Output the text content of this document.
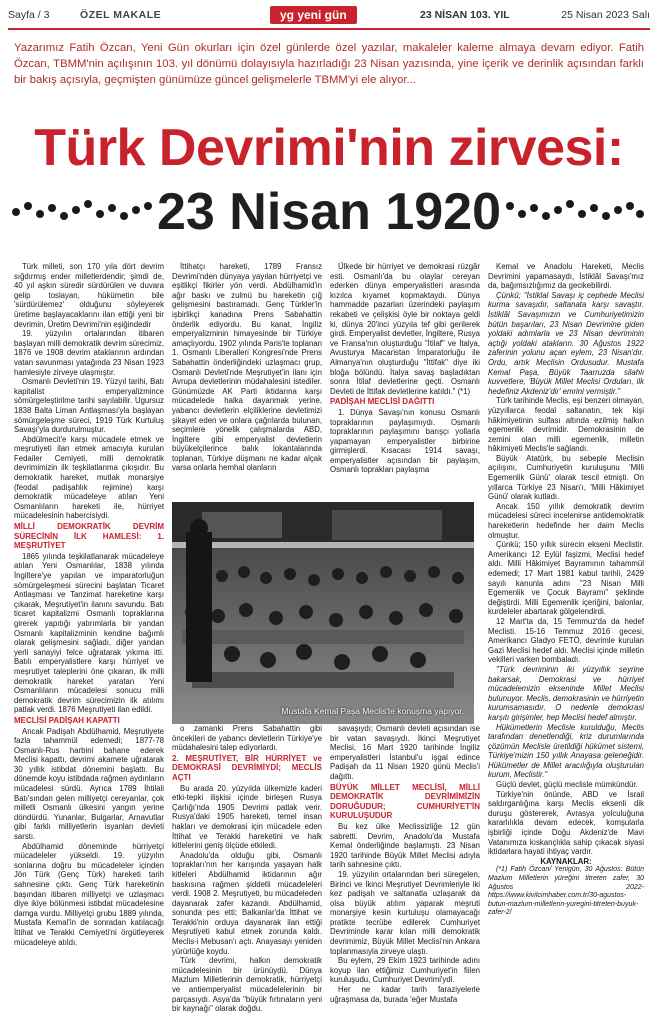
Sayfa / 3	ÖZEL MAKALE	yg yeni gün	23 NİSAN 103. YIL	25 Nisan 2023 Salı
Yazarımız Fatih Özcan, Yeni Gün okurları için özel günlerde özel yazılar, makaleler kaleme almaya devam ediyor. Fatih Özcan, TBMM'nin açılışının 103. yıl dönümü dolayısıyla hazırladığı 23 Nisan yazısında, yine içerik ve derinlik açısından farklı bir bakış açısıyla, geçmişten günümüze güncel gelişmelerle TBMM'yi ele alıyor...
Türk Devrimi'nin zirvesi:
23 Nisan 1920

Türk milleti, son 170 yıla dört devrim sığdırmış ender milletlerdendir; şimdi de, 40 yıl aşkın süredir sürdürülen ve duvara gelip toslayan, hükümetin bile 'sürdürülemez' olduğunu söyleyerek üretime başlayacaklarını ilan ettiği yeni bir devrimin, Üretim Devrimi'nin eşiğindedir

19. yüzyılın ortalarından itibaren başlayan milli demokratik devrim sürecimiz, 1876 ve 1908 devrim ataklarının ardından vatan savunması yatağında 23 Nisan 1923 hamlesiyle zirveye ulaşmıştır.

Osmanlı Devleti'nin 19. Yüzyıl tarihi, Batı kapitalist emperyalizmince sömürgeleştirilme tarihi sayılabilir. Ugursuz 1838 Balta Liman Antlaşması'yla başlayan sömürgeleşme süreci, 1919 Türk Kurtuluş Savaşı'yla durdurulmuştur.

Abdülmecit'e karşı mücadele etmek ve meşrutiyeti ilan etmek amacıyla kurulan Fedailer Cemiyeti, milli demokratik devrimimizin ilk teşkilatlanma çıkışıdır. Bu demokratik hareket, mutlak monarşiye (feodal padişahlık rejimine) karşı demokratik mücadeleye atılan Yeni Osmanlıların hareketi ile, hürriyet mücadelesinin habercisiydi.

MİLLİ DEMOKRATİK DEVRİM SÜRECİNİN İLK HAMLESİ: 1. MEŞRUTİYET

1865 yılında teşkilatlanarak mücadeleye atılan Yeni Osmanlılar, 1838 yılında İngiltere'ye yapılan ve imparatorluğun sömürgeleşmesi sürecini başlatan Ticaret Antlaşması ve Tanzimat hareketine karşı çıkarak, Meşrutiyet'in ilanını savundu. Batı ticaret kapitalizmi Osmanlı topraklarına girerek yapıtığı yatırımlarla bir yandan Osmanlı kapitalizminin kendine bağımlı olarak gelişmesini sağladı, diğer yandan yerli sanayiyi felce uğratarak yıkıma itti. Batılı emperyalistlere karşı hürriyet ve meşrutiyet taleplerini öne çıkaran, ilk milli demokratik hareket yaratan Yeni Osmanlıların mücadelesi sonucu milli demokratik devrim sürecimizin ilk atılımı patlak verdi. 1876 Meşrutiyeti ilan edildi.

MECLİSİ PADİŞAH KAPATTI

Ancak Padişah Abdülhamid, Meşrutiyete fazla tahammül edemedi; 1877-78 Osmanlı-Rus harbini bahane ederek Meclisi kapattı, devrimi akamete uğratarak 30 yıllık istibdat dönemini başlattı. Bu dönemde koyu istibdada rağmen aydınların mücadelesi sürdü. Ayrıca 1789 İhtilali Batı'sından gelen milliyetçi cereyanlar, çok milletli Osmanlı ülkesini yangın yerine döndürdü. Yunanlar, Bulgarlar, Arnavutlar gibi farklı milliyetlerin isyanları devleti sarstı.

Abdülhamid döneminde hürriyetçi mücadeleler yükseldi. 19. yüzyılın sonlarına doğru bu mücadeleler içinden Jön Türk (Genç Türk) hareketi tarih sahnesine çıktı. Genç Türk hareketinin başından itibaren milliyetçi ve uzlaşmacı diye ikiye bölünmesi istibdat mücadelesine damga vurdu. Milliyetçi grubu 1889 yılında, Mustafa Kemal'in de sonradan katılacağı İttihat ve Terakki Cemiyeti'ni örgütleyerek mücadeleye atıldı.

İttihatçı hareketi, 1789 Fransız Devrimi'nden dünyaya yayılan hürriyetçi ve eşitlikçi fikirler yön verdi. Abdülhamid'in ağır baskı ve zulmü bu hareketin çığ gelişmesini bastıramadı. Genç Türkler'in işbirlikçi kanadına Prens Sabahattin önderlik ediyordu. Bu kanat, İngiliz emperyalizminin himayesinde bir Türkiye amaçlıyordu. 1902 yılında Paris'te toplanan 1. Osmanlı Liberalleri Kongresi'nde Prens Sabahattin önderliğindeki uzlaşmacı grup, Osmanlı Devleti'nde Meşrutiyet'in ilanı için Avrupa devletlerinin müdahalesini istediler. Günümüzde AK Parti iktidarına karşı mücadelede halka dayanmak yerine, yabancı devletlerin elçiliklerine devletimizi şikayet eden ve onlara çağrılarda bulunan, seçimlere yönelik çalışmalarda ABD, İngiltere gibi emperyalist devletlerin büyükelçilerince balık lokantalarında toplanan, Türkiye düşmanı ne kadar alçak varsa onlarla hemhal olanların

Ülkede bir hürriyet ve demokrasi rüzgâr esti. Osmanlı'da bu olaylar cereyan ederken dünya emperyalistleri arasında kızılca kıyamet kopmaktaydı. Dünya hammadde pazarları üzerindeki paylaşım rekabeti ve çelişkisi öyle bir noktaya geldi ki, dünya 20'inci yüzyıla tef gibi gerilerek girdi. Emperyalist devletler, İngiltere, Rusya ve Fransa'nın oluşturduğu "İtilaf" ve İtalya, Avusturya Macaristan İmparatorluğu ile Almanya'nın oluşturduğu "İttifak" diye iki bloğa bölündü. İtalya savaş başladıktan sonra İtilaf devletlerine geçti. Osmanlı Devleti de İttifak devletlerine katıldı." (*1)

PADİŞAH MECLİSİ DAĞITTI

1. Dünya Savaşı'nın konusu Osmanlı topraklarının paylaşımıydı. Osmanlı topraklarının paylaşımını barışçı yollarla yapamayan emperyalistler birbirine girmişlerdi. Kısacası 1914 savaşı, emperyalistler açısından bir paylaşım, Osmanlı toprakları paylaşma

o zamanki Prens Sabahattin gibi öncekileri de yabancı devletlerin Türkiye'ye müdahalesini talep ediyorlardı.

2. MEŞRUTİYET, BİR HÜRRİYET ve DEMOKRASİ DEVRİMİYDİ; MECLİS AÇTI

Bu arada 20. yüzyılda ülkemizle kaderi etki-tepki ilişkisi içinde birleşen Rusya Çarlığı'nda 1905 Devrimi patlak verir. Rusya'daki 1905 hareketi, temel insan hakları ve demokrasi için mücadele eden İttihat ve Terakki hareketini ve halk kitlelerini geniş ölçüde etkiledi.

Anadolu'da olduğu gibi, Osmanlı toprakları'nın her karışında yaşayan halk kitleleri Abdülhamid iktidarının ağır baskısına rağmen şiddetli mücadeleleri verdi. 1908 2. Meşrutiyeti, bu mücadeleden dayanarak zafer kazandı. Abdülhamid, sonunda pes etti; Balkanlar'da İttihat ve Terakki'nin orduya dayanarak ilan ettiği Meşrutiyeti kabul etmek zorunda kaldı. Meclis-i Mebusan'ı açtı. Anayasayı yeniden yürürlüğe koydu.

Türk devrimi, halkın demokratik mücadelesinin bir ürünüydü. Dünya Mazlum Milletlerinin demokratik, hürriyetçi ve antiemperyalist mücadelelerinin bir parçasıydı. Asya'da "büyük fırtınaların yeni bir kaynağı" olarak doğdu.

savaşıydı; Osmanlı devleti açısından ise bir vatan savaşıydı. İkinci Meşrutiyet Meclisi, 16 Mart 1920 tarihinde İngiliz emperyalistleri İstanbul'u işgal edince Padişah da 11 Nisan 1920 günü Meclis'i dağıttı.

BÜYÜK MİLLET MECLİSİ, MİLLİ DEMOKRATİK DEVRİMİMİZİN DORUĞUDUR; CUMHURİYET'İN KURULUŞUDUR

Bu kez ülke Meclissizliğe 12 gün sabretti. Devrim, Anadolu'da Mustafa Kemal önderliğinde başlamıştı. 23 Nisan 1920 tarihinde Büyük Millet Meclisi adıyla tarih sahnesine çıktı.

19. yüzyılın ortalarından beri süregelen, Birinci ve İkinci Meşrutiyet Devrimleriyle iki kez padişah ve saltanatla uzlaşarak da olsa büyük atılım yaparak meşruti monarşiye kesin kurtuluşu olamayacağı pratikte tecrübe edilerek Cumhuriyet Devriminde karar kılan milli demokratik devrimimiz, Büyük Millet Meclisi'nin Ankara toplanmasıyla zirveye ulaştı.

Bu eylem, 29 Ekim 1923 tarihinde adını koyup ilan ettiğimiz Cumhuriyet'in fiilen kuruluşudu, Cumhuriyet Devrimi'ydi.

Her ne kadar tarih faraziyelerle uğraşmasa da, burada 'eğer Mustafa

Kemal ve Anadolu Hareketi, Meclis Devrimini yapamasaydı, İstiklâl Savaşı'mız da, bağımsızlığımız da gecikebilirdi.

Çünkü; "İstiklal Savaşı iç cephede Meclisi kurma savaşıdır, saltanata karşı savaştır. İstiklâl Savaşımızın ve Cumhuriyetimizin bütün başarıları, 23 Nisan Devrimine giden yoldaki adımlarla ve 23 Nisan devriminin açtığı yoldaki atakların. 30 Ağustos 1922 zaferinin yolunu açan eylem, 23 Nisan'dır. Ordu, artık Meclisin Ordusudur. Mustafa Kemal Paşa, Büyük Taarruzda silahlı kuvvetlere, 'Büyük Millet Meclisi Orduları, ilk hedefiniz Akdeniz'dir' emrini vermiştir."

Türk tarihinde Meclis, eşi benzeri olmayan, yüzyıllarca feodal saltanatın, tek kişi hâkimiyetinin sulfası altında ezilmiş halkın egemenlik devrimidir. Demokrasinin de zemini olan milli egemenlik, milletin hâkimiyeti Meclis'le sağlandı.

Büyük Atatürk, bu sebeple Meclisin açılışını, Cumhuriyetin kuruluşunu 'Milli Egemenlik Günü' olarak tescil etmişti. On yıllarca Türkiye 23 Nisan'ı, 'Milli Hâkimiyet Günü' olarak kutladı.

Ancak 150 yıllık demokratik devrim mücadelesi süreci incelenirse antidemokratik hareketlerin hedefinde her daim Meclis olmuştur.

Çünkü; 150 yıllık sürecin ekseni Meclistir. Amerikancı 12 Eylül faşizmi, Meclisi hedef aldı. Milli Hâkimiyet Bayramının tahammül edemedi; 17 Mart 1981 kabul tarihli, 2429 sayılı kanunla adını "23 Nisan Milli Egemenlik ve Çocuk Bayramı" şeklinde değiştirdi. Milli Egemenlik içeriğini, balonlar, kurdeleler abartarak gölgelendirdi.

12 Mart'ta da, 15 Temmuz'da da hedef Meclisti. 15-16 Temmuz 2016 gecesi, Amerikancı Gladyo FETÖ, devrimle kurulan Gazi Meclisi hedef aldı. Meclisi içinde milletin vekilleri varken bombaladı.

"Türk devriminin iki yüzyıllık seyrine bakarsak, Demokrasi ve hürriyet mücadelemizin ekseninde Millet Meclisi bulunuyor. Meclis, demokrasinin ve hürriyetin kurumsamasıdır. O nedenle demokrasi karşıtı girişimler, hep Meclisi hedef almıştır.

Hükümetlerin Meclisle kurulduğu, Meclis tarafından denetlendiği, kriz durumlarında çözümün Meclisle üretildiği hükümet sistemi, Türkiye'mizin 150 yıllık Anayasa geleneğidir. Hükümetler de Millet aracılığıyla oluşturulan kurum, Meclistir."

Güçlü devlet, güçlü meclisle mümkündür.

Türkiye'nin önünde, ABD ve İsrail saldırganlığına karşı Meclis eksenli dik duruşu göstererek, Avrasya yolculuğuna kararlılıkla devam edecek, komşularla işbirliği içinde Doğu Akdeniz'de Mavi Vatanımıza kıskançlıkla sahip çıkacak siyasi iktidarlara hayati ihtiyaç vardır.

KAYNAKLAR:

(*1) Fatih Özcan/ Yenigün, 30 Ağustos: Bütün Mazlum Milletlerin yüreğini titreten zafer, 30 Ağustos 2022- https://www.kivilcimhaber.com.tr/30-agustos-butun-mazlum-milletlerin-yuregini-titreten-buyuk-zafer-2/

Mustafa Kemal Paşa Meclis'te konuşma yapıyor.
